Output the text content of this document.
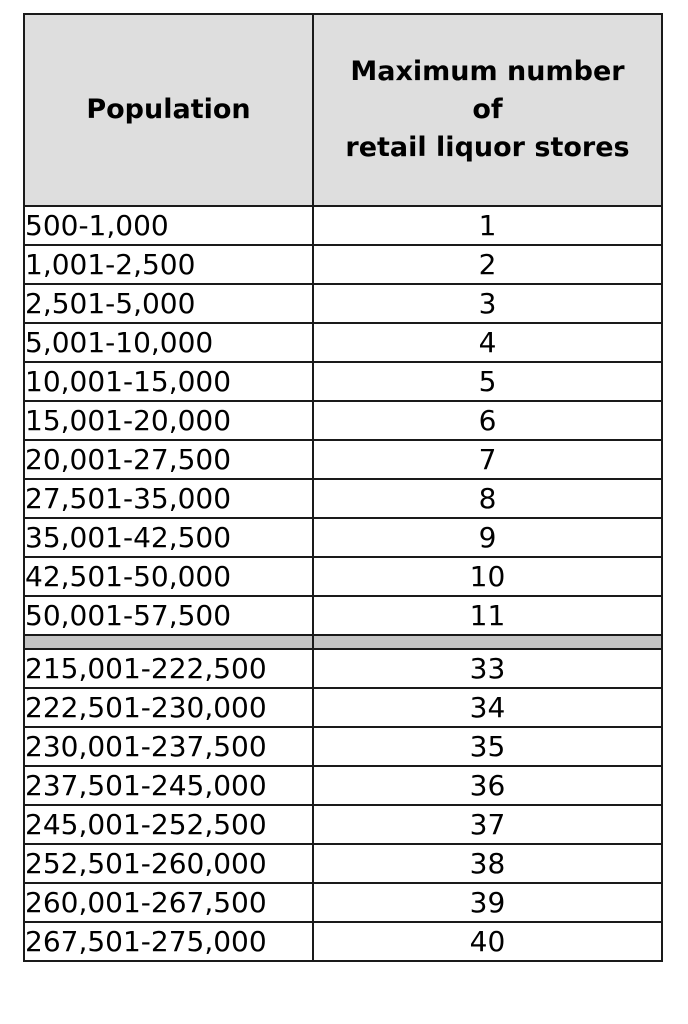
Population	Maximum number
of
retail liquor stores

500-1,000	1
1,001-2,500	2
2,501-5,000	3
5,001-10,000	4
10,001-15,000	5
15,001-20,000	6
20,001-27,500	7
27,501-35,000	8
35,001-42,500	9
42,501-50,000	10
50,001-57,500	11

215,001-222,500	33
222,501-230,000	34
230,001-237,500	35
237,501-245,000	36
245,001-252,500	37
252,501-260,000	38
260,001-267,500	39
267,501-275,000	40
